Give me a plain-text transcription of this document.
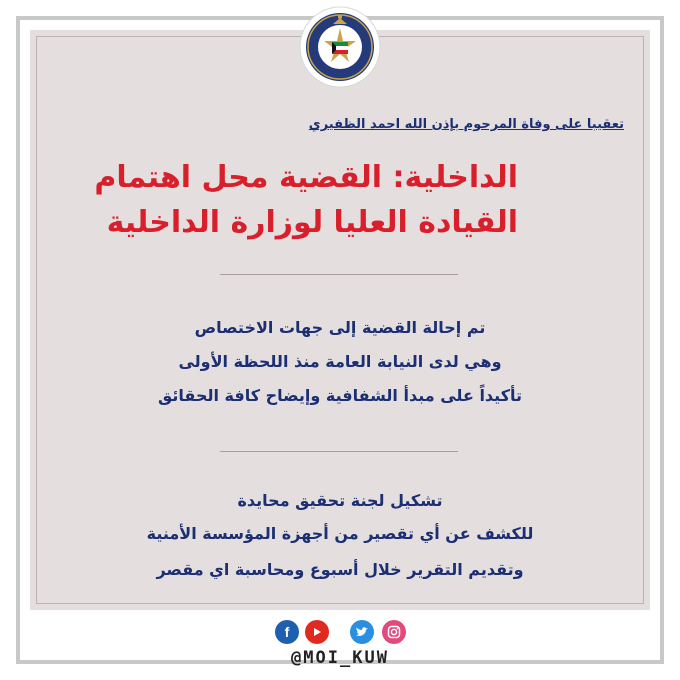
تعقيبا على وفاة المرحوم بإذن الله احمد الظفيري
الداخلية: القضية محل اهتمام
القيادة العليا لوزارة الداخلية
تم إحالة القضية إلى جهات الاختصاص
وهي لدى النيابة العامة منذ اللحظة الأولى
تأكيداً على مبدأ الشفافية وإيضاح كافة الحقائق
تشكيل لجنة تحقيق محايدة
للكشف عن أي تقصير من أجهزة المؤسسة الأمنية
وتقديم التقرير خلال أسبوع ومحاسبة اي مقصر
f
@MOI_KUW
